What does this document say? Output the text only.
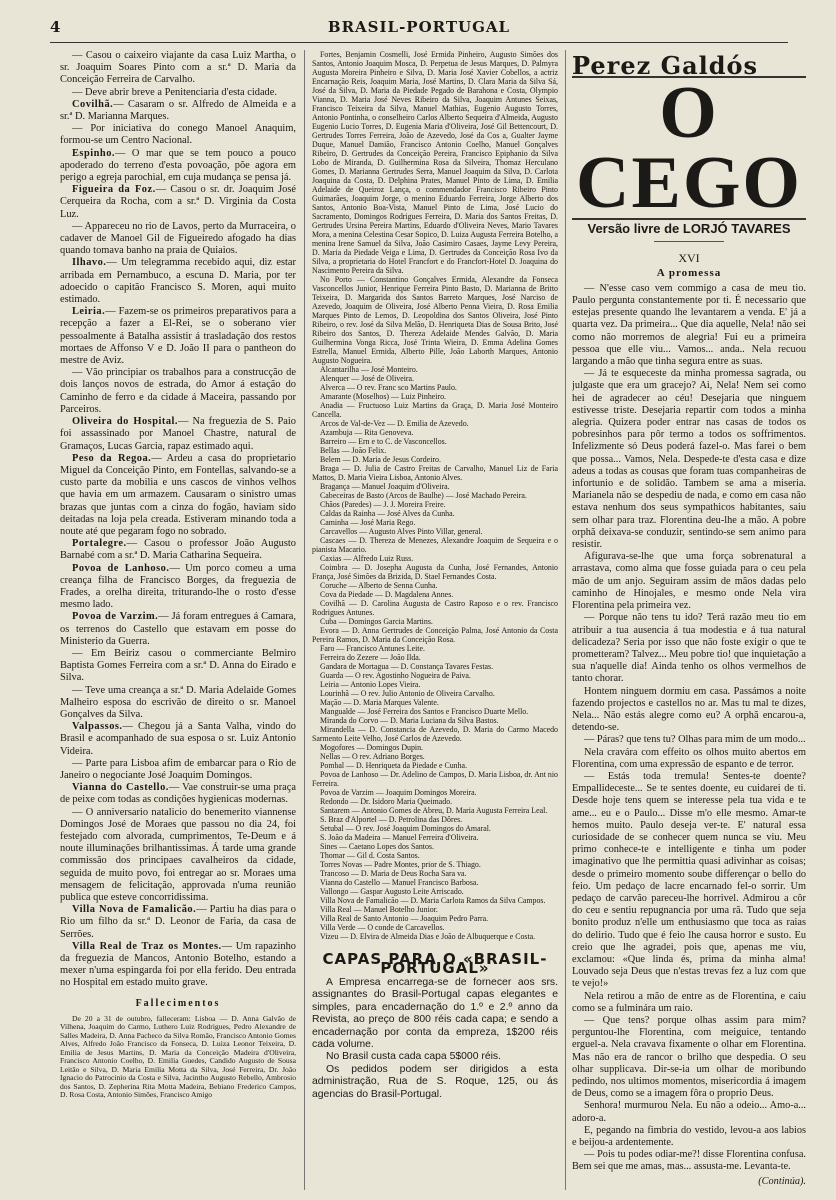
4	BRASIL-PORTUGAL

— Casou o caixeiro viajante da casa Luiz Martha, o sr. Joaquim Soares Pinto com a sr.ª D. Maria da Conceição Ferreira de Carvalho.

— Deve abrir breve a Penitenciaria d'esta cidade.

Covilhã.— Casaram o sr. Alfredo de Almeida e a sr.ª D. Marianna Marques.

— Por iniciativa do conego Manoel Anaquim, formou-se um Centro Nacional.

Espinho.— O mar que se tem pouco a pouco apoderado do terreno d'esta povoação, põe agora em perigo a egreja parochial, em cuja mudança se pensa já.

Figueira da Foz.— Casou o sr. dr. Joaquim José Cerqueira da Rocha, com a sr.ª D. Virginia da Costa Luz.

— Appareceu no rio de Lavos, perto da Murraceira, o cadaver de Manoel Gil de Figueiredo afogado ha dias quando tomava banho na praia de Quiaios.

Ilhavo.— Um telegramma recebido aqui, diz estar arribada em Pernambuco, a escuna D. Maria, por ter adoecido o capitão Francisco S. Moren, aqui muito estimado.

Leiria.— Fazem-se os primeiros preparativos para a recepção a fazer a El-Rei, se o soberano vier pessoalmente á Batalha assistir á trasladação dos restos mortaes de Affonso V e D. João II para o pantheon do mestre de Aviz.

— Vão principiar os trabalhos para a construcção de dois lanços novos de estrada, do Amor á estação do Caminho de ferro e da cidade á Maceira, passando por Parceiros.

Oliveira do Hospital.— Na freguezia de S. Paio foi assassinado por Manoel Chastre, natural de Gramaços, Lucas Garcia, rapaz estimado aqui.

Peso da Regoa.— Ardeu a casa do proprietario Miguel da Conceição Pinto, em Fontellas, salvando-se a custo parte da mobilia e uns cascos de vinhos velhos que havia em um armazem. Causaram o sinistro umas brazas que juntas com a cinza do fogão, haviam sido deitadas na loja pela creada. Estiveram minando toda a noute até que pegaram fogo no sobrado.

Portalegre.— Casou o professor João Augusto Barnabé com a sr.ª D. Maria Catharina Sequeira.

Povoa de Lanhoso.— Um porco comeu a uma creança filha de Francisco Borges, da freguezia de Frades, a orelha direita, triturando-lhe o rosto d'esse mesmo lado.

Povoa de Varzim.— Já foram entregues á Camara, os terrenos do Castello que estavam em posse do Ministerio da Guerra.

— Em Beiriz casou o commerciante Belmiro Baptista Gomes Ferreira com a sr.ª D. Anna do Eirado e Silva.

— Teve uma creança a sr.ª D. Maria Adelaide Gomes Malheiro esposa do escrivão de direito o sr. Manoel Gonçalves da Silva.

Valpassos.— Chegou já a Santa Valha, vindo do Brasil e acompanhado de sua esposa o sr. Luiz Antonio Videira.

— Parte para Lisboa afim de embarcar para o Rio de Janeiro o negociante José Joaquim Domingos.

Vianna do Castello.— Vae construir-se uma praça de peixe com todas as condições hygienicas modernas.

— O anniversario natalicio do benemerito viannense Domingos José de Moraes que passou no dia 24, foi festejado com alvorada, cumprimentos, Te-Deum e á noute illuminações brilhantissimas. Á tarde uma grande commissão dos principaes cavalheiros da cidade, seguida de muito povo, foi entregar ao sr. Moraes uma mensagem de felicitação, approvada n'uma reunião publica que esteve concorridissima.

Villa Nova de Famalicão.— Partiu ha dias para o Rio um filho da sr.ª D. Leonor de Faria, da casa de Serrões.

Villa Real de Traz os Montes.— Um rapazinho da freguezia de Mancos, Antonio Botelho, estando a mexer n'uma espingarda foi por ella ferido. Deu entrada no Hospital em estado muito grave.

Fallecimentos

De 20 a 31 de outubro, falleceram: Lisboa — D. Anna Galvão de Vilhena, Joaquim do Carmo, Luthero Luiz Rodrigues, Pedro Alexandre de Salles Madeira, D. Anna Pacheco da Silva Romão, Francisco Antonio Gomes Alves, Alfredo João Francisco da Fonseca, D. Luiza Leonor Teixeira, D. Emilia de Jesus Martins, D. Maria da Conceição Madeira d'Oliveira, Francisco Antonio Coelho, D. Emilia Guedes, Candido Augusto de Sousa Leitão e Silva, D. Maria Emilia Motta da Silva, José Ferreira, Dr. João Ignacio do Patrocinio da Costa e Silva, Jacintho Augusto Rebello, Ambrosio dos Santos, D. Zepherina Rita Motta Madeira, Bebiano Frederico Campos, D. Rosa Costa, Antonio Simões, Francisco Amigo

Fortes, Benjamin Cosmelli, José Ermida Pinheiro, Augusto Simões dos Santos, Antonio Joaquim Mosca, D. Perpetua de Jesus Marques, D. Palmyra Augusta Moreira Pinheiro e Silva, D. Maria José Xavier Cobellos, a actriz Encarnação Reis, Joaquim Maria, José Martins, D. Clara Maria da Silva Sá, José da Silva, D. Maria da Piedade Pegado de Barahona e Costa, Olympio Vianna, D. Maria José Neves Ribeiro da Silva, Joaquim Antunes Seixas, Francisco Teixeira da Silva, Manuel Mathias, Eugenio Augusto Torres, Antonio Pontinha, o conselheiro Carlos Alberto Sequeira d'Almeida, Augusto Eugenio Lucio Torres, D. Eugenia Maria d'Oliveira, José Gil Bettencourt, D. Gertrudes Torres Ferreira, João de Azevedo, José da Cos a, Gualter Jayme Duque, Manuel Damião, Francisco Antonio Coelho, Manuel Gonçalves Ribeiro, D. Gertrudes da Conceição Pereira, Francisco Epiphanio da Silva Lobo de Miranda, D. Guilhermina Rosa da Silveira, Thomaz Herculano Gomes, D. Marianna Gertrudes Serra, Manuel Joaquim da Silva, D. Carlota Joaquina da Costa, D. Delphina Prates, Manuel Pinto de Lima, D. Emilia Adelaide de Queiroz Lança, o commendador Francisco Ribeiro Pinto Guimarães, Joaquim Jorge, o menino Eduardo Ferreira, Jorge Alberto dos Santos, Antonio Boa-Vista, Manuel Pinto de Lima, José Lucio do Sacramento, Domingos Rodrigues Ferreira, D. Maria dos Santos Freitas, D. Gertrudes Ursina Pereira Martins, Eduardo d'Oliveira Neves, Mario Tavares Mora, a menina Celestina Cesar Sopico, D. Luiza Augusta Ferreira Botelho, a menina Irene Samuel da Silva, João Casimiro Casaes, Jayme Levy Pereira, D. Maria da Piedade Veiga e Lima, D. Gertrudes da Conceição Rosa Ivo da Silva, a proprietaria do Hotel Francfort e do Francfort-Hotel D. Joaquina do Nascimento Pereira da Silva.

No Porto — Constantino Gonçalves Ermida, Alexandre da Fonseca Vasconcellos Junior, Henrique Ferreira Pinto Basto, D. Marianna de Britto Teixeira, D. Margarida dos Santos Barreto Marques, José Narciso de Azevedo, Joaquim de Oliveira, José Alberto Penna Vieira, D. Rosa Emilia Marques Pinto de Lemos, D. Leopoldina dos Santos Oliveira, José Pinto Ribeiro, o rev. José da Silva Melão, D. Henriqueta Dias de Sousa Brito, José Ribeiro dos Santos, D. Thereza Adelaide Mendes Galvão, D. Maria Guilhermina Vonga Ricca, José Trinta Wieira, D. Emma Adelina Gomes Estrella, Manuel Ermida, Alberto Pille, João Laborth Marques, Antonio Augusto Nogueira.

Alcantarilha — José Monteiro.

Alenquer — José de Oliveira.

Alverca — O rev. Franc sco Martins Paulo.

Amarante (Moselhos) — Luiz Pinheiro.

Anadia — Fructuoso Luiz Martins da Graça, D. Maria José Monteiro Cancella.

Arcos de Val-de-Vez — D. Emilia de Azevedo.

Azambuja — Rita Genoveva.

Barreiro — Ern e to C. de Vasconcellos.

Bellas — João Felix.

Belem — D. Maria de Jesus Cordeiro.

Braga — D. Julia de Castro Freitas de Carvalho, Manuel Liz de Faria Mattos, D. Maria Vieira Lisboa, Antonio Alves.

Bragança — Manuel Joaquim d'Oliveira.

Cabeceiras de Basto (Arcos de Baulhe) — José Machado Pereira.

Chãos (Paredes) — J. J. Moreira Freire.

Caldas da Rainha — José Alves da Cunha.

Caminha — José Maria Rego.

Carcavellos — Augusto Alves Pinto Villar, general.

Cascaes — D. Thereza de Menezes, Alexandre Joaquim de Sequeira e o pianista Macario.

Caxias — Alfredo Luiz Russ.

Coimbra — D. Josepha Augusta da Cunha, José Fernandes, Antonio França, José Simões da Brizida, D. Stael Fernandes Costa.

Coruche — Alberto de Senna Cunha.

Cova da Piedade — D. Magdalena Annes.

Covilhã — D. Carolina Augusta de Castro Raposo e o rev. Francisco Rodrigues Antunes.

Cuba — Domingos Garcia Martins.

Evora — D. Anna Gertrudes de Conceição Palma, José Antonio da Costa Pereira Ramos, D. Maria da Conceição Rosa.

Faro — Francisco Antunes Leite.

Ferreira do Zezere — João Ilda.

Gandara de Mortagua — D. Constança Tavares Festas.

Guarda — O rev. Agostinho Nogueira de Paiva.

Leiria — Antonio Lopes Vieira.

Lourinhã — O rev. Julio Antonio de Oliveira Carvalho.

Mação — D. Maria Marques Valente.

Mangualde — José Ferreira dos Santos e Francisco Duarte Mello.

Miranda do Corvo — D. Maria Luciana da Silva Bastos.

Mirandella — D. Constancia de Azevedo, D. Maria do Carmo Macedo Sarmento Leite Velho, José Carlos de Azevedo.

Mogofores — Domingos Dupin.

Nellas — O rev. Adriano Borges.

Pombal — D. Henriqueta da Piedade e Cunha.

Povoa de Lanhoso — Dr. Adelino de Campos, D. Maria Lisboa, dr. Ant nio Ferreira.

Povoa de Varzim — Joaquim Domingos Moreira.

Redondo — Dr. Isidoro Maria Queimado.

Santarem — Antonio Gomes de Abreu, D. Maria Augusta Ferreira Leal.

S. Braz d'Alportel — D. Petrolina das Dôres.

Setubal — O rev. José Joaquim Domingos do Amaral.

S. João da Madeira — Manuel Ferreira d'Oliveira.

Sines — Caetano Lopes dos Santos.

Thomar — Gil d. Costa Santos.

Torres Novas — Padre Montes, prior de S. Thiago.

Trancoso — D. Maria de Deus Rocha Sara va.

Vianna do Castello — Manuel Francisco Barbosa.

Vallongo — Gaspar Augusto Leite Arriscado.

Villa Nova de Famalicão — D. Maria Carlota Ramos da Silva Campos.

Villa Real — Manuel Botelho Junior.

Villa Real de Santo Antonio — Joaquim Pedro Parra.

Villa Verde — O conde de Carcavellos.

Vizeu — D. Elvira de Almeida Dias e João de Albuquerque e Costa.

CAPAS PARA O «BRASIL-PORTUGAL»

A Empresa encarrega-se de fornecer aos srs. assignantes do Brasil-Portugal capas elegantes e simples, para encadernação do 1.º e 2.º anno da Revista, ao preço de 800 réis cada capa; e sendo a encadernação por conta da empreza, 1$200 réis cada volume.

No Brasil custa cada capa 5$000 réis.

Os pedidos podem ser dirigidos a esta administração, Rua de S. Roque, 125, ou ás agencias do Brasil-Portugal.

Perez Galdós
O CEGO
Versão livre de LORJÓ TAVARES
XVI
A promessa

— N'esse caso vem commigo a casa de meu tio. Paulo pergunta constantemente por ti. É necessario que estejas presente quando lhe levantarem a venda. E' já a quarta vez. Da primeira... Que dia aquelle, Nela! não sei como não morremos de alegria! Fui eu a primeira pessoa que elle viu... Vamos... anda.. Nela recuou largando a mão que tinha segura entre as suas.

— Já te esqueceste da minha promessa sagrada, ou julgaste que era um gracejo? Ai, Nela! Nem sei como hei de agradecer ao céu! Desejaria que ninguem estivesse triste. Desejaria repartir com todos a minha alegria. Quizera poder entrar nas casas de todos os pobresinhos para pôr termo a todos os soffrimentos. Infelizmente só Deus poderá fazel-o. Mas farei o bem que possa... Vamos, Nela. Despede-te d'esta casa e dize adeus a todas as cousas que foram tuas companheiras de infortunio e de solidão. Tambem se ama a miseria. Marianela não se despediu de nada, e como em casa não estava nenhum dos seus sympathicos habitantes, saiu sem olhar para traz. Florentina deu-lhe a mão. A pobre orphã deixava-se conduzir, sentindo-se sem animo para resistir.

Afigurava-se-lhe que uma força sobrenatural a arrastava, como alma que fosse guiada para o ceu pela mão de um anjo. Seguiram assim de mãos dadas pelo caminho de Hinojales, e mesmo onde Nela vira Florentina pela primeira vez.

— Porque não tens tu ido? Terá razão meu tio em atribuir a tua ausencia á tua modestia e á tua natural delicadeza? Seria por isso que não foste exigir o que te prometteram? Talvez... Meu pobre tio! que inquietação a sua n'aquelle dia! Ainda tenho os olhos vermelhos de tanto chorar.

Hontem ninguem dormiu em casa. Passámos a noite fazendo projectos e castellos no ar. Mas tu mal te dizes, Nela... Não estás alegre como eu? A orphã encarou-a, detendo-se.

— Páras? que tens tu? Olhas para mim de um modo...

Nela cravára com effeito os olhos muito abertos em Florentina, com uma expressão de espanto e de terror.

— Estás toda tremula! Sentes-te doente? Empallideceste... Se te sentes doente, eu cuidarei de ti. Desde hoje tens quem se interesse pela tua vida e te ame... eu e o Paulo... Disse m'o elle mesmo. Amar-te hemos muito. Paulo deseja ver-te. E' natural essa curiosidade de se conhecer quem nunca se viu. Meu primo conhece-te e intelligente e tinha um poder imaginativo que lhe permittia quasi adivinhar as coisas; desde o primeiro momento soube differençar o bello do feio. Um pedaço de lacre encarnado fel-o sorrir. Um pedaço de carvão pareceu-lhe horrivel. Admirou a côr do ceu e sentiu repugnancia por uma rã. Tudo que seja bonito produz n'elle um enthusiasmo que toca as raias do delirio. Tudo que é feio lhe causa horror e susto. Eu creio que lhe agradei, pois que, apenas me viu, exclamou: «Que linda és, prima da minha alma! Louvado seja Deus que n'estas trevas fez a luz com que te vejo!»

Nela retirou a mão de entre as de Florentina, e caiu como se a fulminára um raio.

— Que tens? porque olhas assim para mim? perguntou-lhe Florentina, com meiguice, tentando erguel-a. Nela cravava fixamente o olhar em Florentina. Mas não era de rancor o brilho que despedia. O seu olhar supplicava. Dir-se-ia um olhar de moribundo pedindo, nos ultimos momentos, misericordia á imagem de Deus, como se a imagem fôra o proprio Deus.

Senhora! murmurou Nela. Eu não a odeio... Amo-a... adoro-a.

E, pegando na fimbria do vestido, levou-a aos labios e beijou-a ardentemente.

— Pois tu podes odiar-me?! disse Florentina confusa. Bem sei que me amas, mas... assusta-me. Levanta-te.

(Continúa).
